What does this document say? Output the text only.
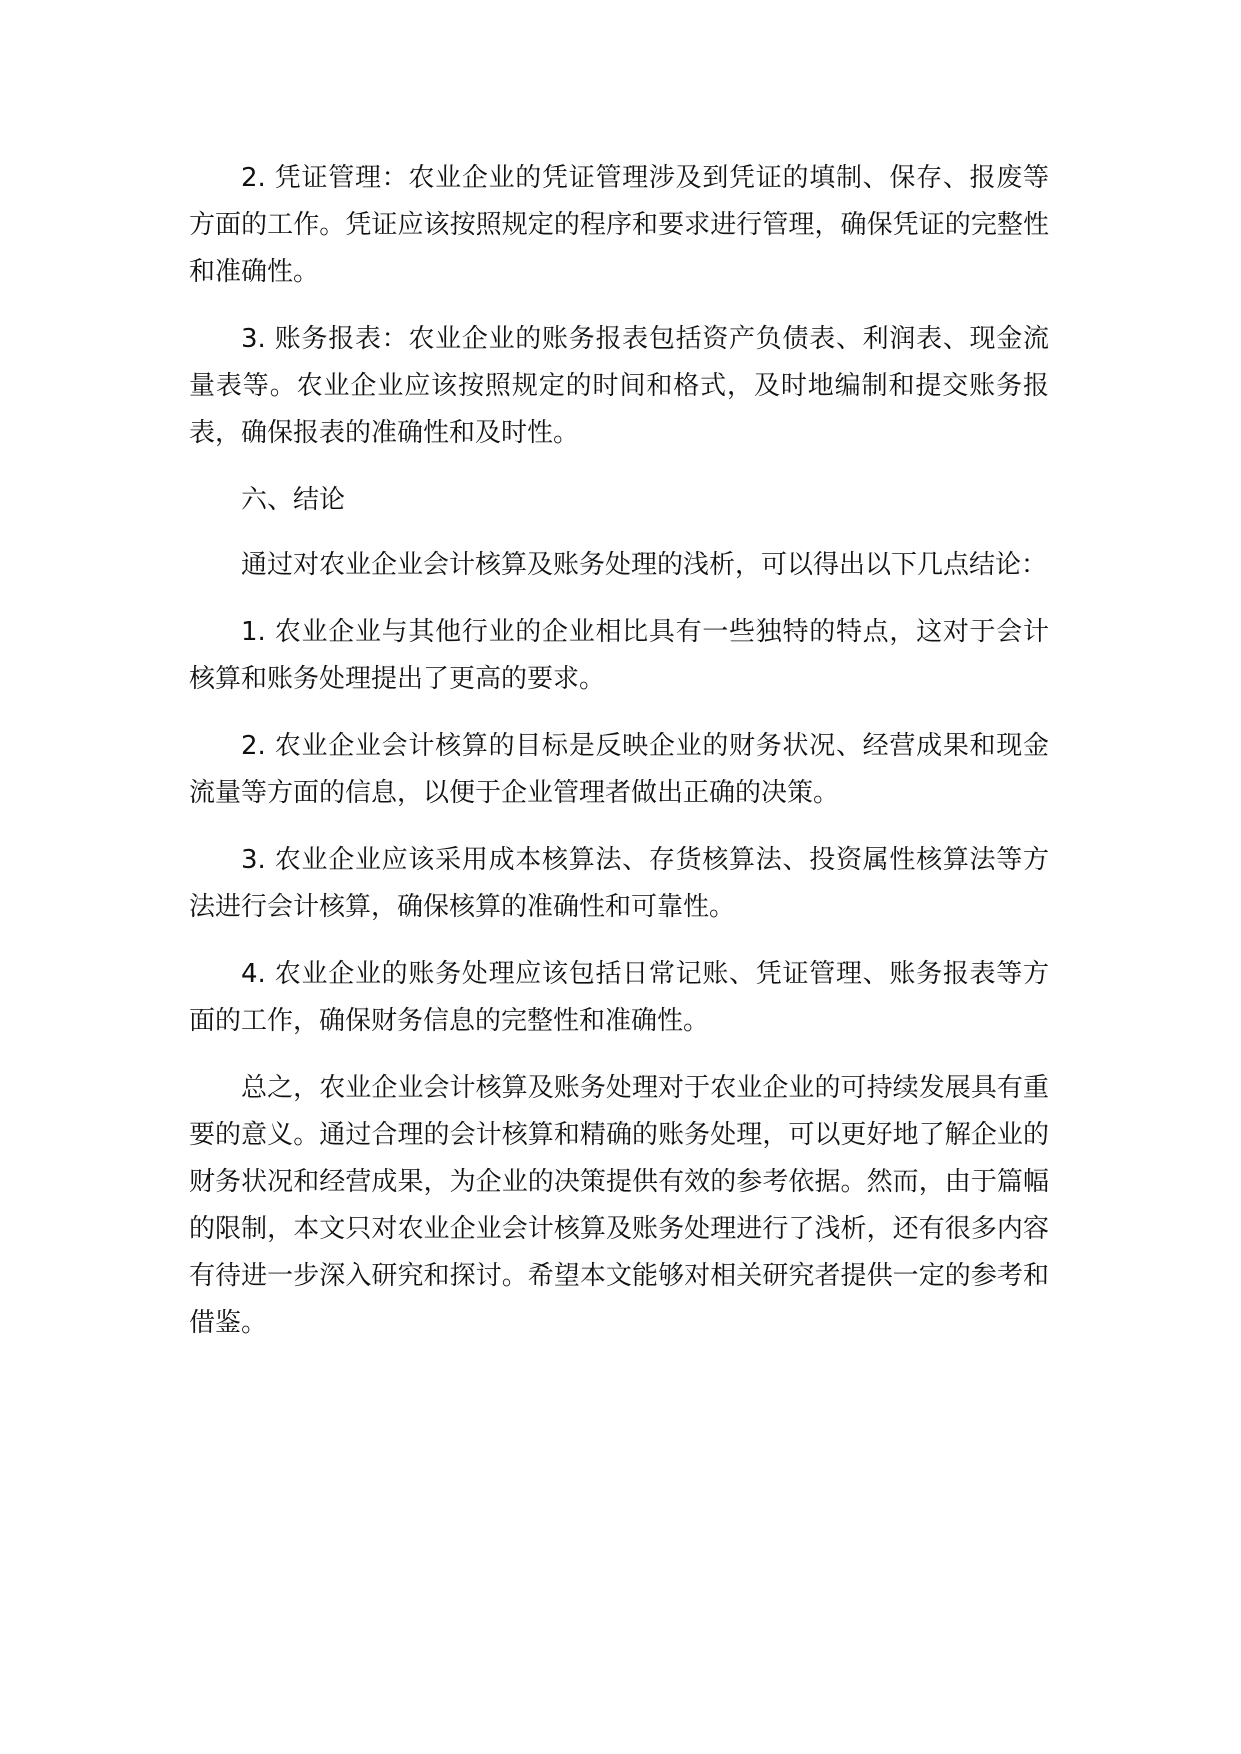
2. 凭证管理：农业企业的凭证管理涉及到凭证的填制、保存、报废等方面的工作。凭证应该按照规定的程序和要求进行管理，确保凭证的完整性和准确性。

3. 账务报表：农业企业的账务报表包括资产负债表、利润表、现金流量表等。农业企业应该按照规定的时间和格式，及时地编制和提交账务报表，确保报表的准确性和及时性。

六、结论

通过对农业企业会计核算及账务处理的浅析，可以得出以下几点结论：

1. 农业企业与其他行业的企业相比具有一些独特的特点，这对于会计核算和账务处理提出了更高的要求。

2. 农业企业会计核算的目标是反映企业的财务状况、经营成果和现金流量等方面的信息，以便于企业管理者做出正确的决策。

3. 农业企业应该采用成本核算法、存货核算法、投资属性核算法等方法进行会计核算，确保核算的准确性和可靠性。

4. 农业企业的账务处理应该包括日常记账、凭证管理、账务报表等方面的工作，确保财务信息的完整性和准确性。

总之，农业企业会计核算及账务处理对于农业企业的可持续发展具有重要的意义。通过合理的会计核算和精确的账务处理，可以更好地了解企业的财务状况和经营成果，为企业的决策提供有效的参考依据。然而，由于篇幅的限制，本文只对农业企业会计核算及账务处理进行了浅析，还有很多内容有待进一步深入研究和探讨。希望本文能够对相关研究者提供一定的参考和借鉴。
